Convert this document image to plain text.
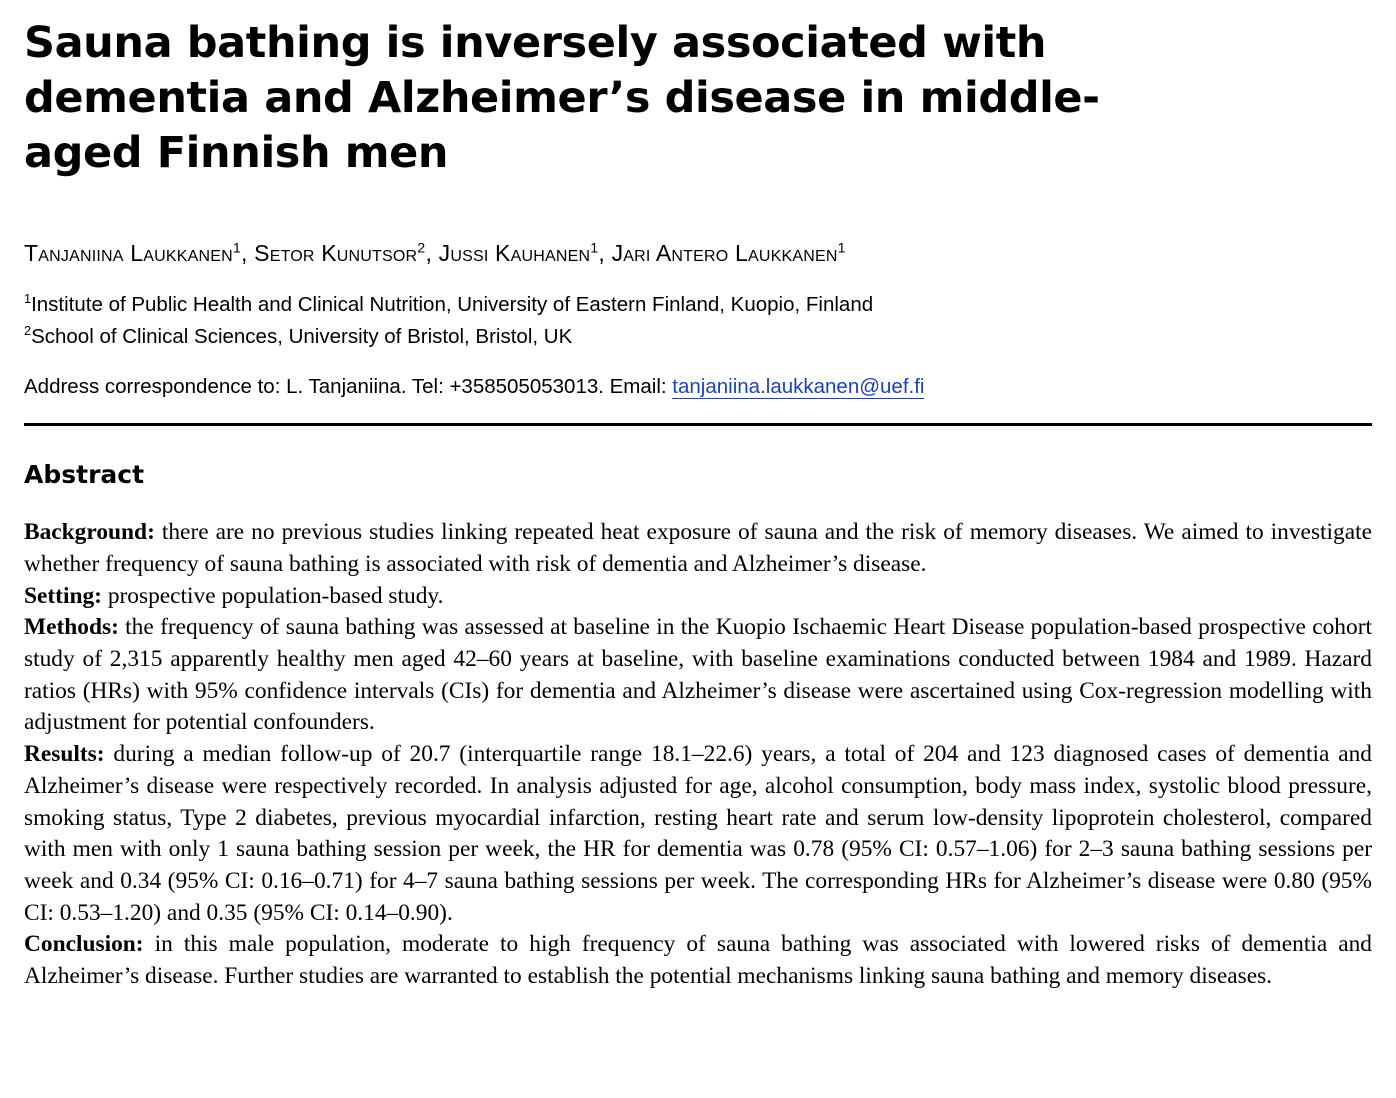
Sauna bathing is inversely associated with dementia and Alzheimer’s disease in middle-aged Finnish men
Tanjaniina Laukkanen$^1$, Setor Kunutsor$^2$, Jussi Kauhanen$^1$, Jari Antero Laukkanen$^1$
$^1$Institute of Public Health and Clinical Nutrition, University of Eastern Finland, Kuopio, Finland
$^2$School of Clinical Sciences, University of Bristol, Bristol, UK
Address correspondence to: L. Tanjaniina. Tel: +358505053013. Email: tanjaniina.laukkanen@uef.fi
Abstract

Background: there are no previous studies linking repeated heat exposure of sauna and the risk of memory diseases. We aimed to investigate whether frequency of sauna bathing is associated with risk of dementia and Alzheimer’s disease.
Setting: prospective population-based study.
Methods: the frequency of sauna bathing was assessed at baseline in the Kuopio Ischaemic Heart Disease population-based prospective cohort study of 2,315 apparently healthy men aged 42–60 years at baseline, with baseline examinations conducted between 1984 and 1989. Hazard ratios (HRs) with 95% confidence intervals (CIs) for dementia and Alzheimer’s disease were ascertained using Cox-regression modelling with adjustment for potential confounders.
Results: during a median follow-up of 20.7 (interquartile range 18.1–22.6) years, a total of 204 and 123 diagnosed cases of dementia and Alzheimer’s disease were respectively recorded. In analysis adjusted for age, alcohol consumption, body mass index, systolic blood pressure, smoking status, Type 2 diabetes, previous myocardial infarction, resting heart rate and serum low-density lipoprotein cholesterol, compared with men with only 1 sauna bathing session per week, the HR for dementia was 0.78 (95% CI: 0.57–1.06) for 2–3 sauna bathing sessions per week and 0.34 (95% CI: 0.16–0.71) for 4–7 sauna bathing sessions per week. The corresponding HRs for Alzheimer’s disease were 0.80 (95% CI: 0.53–1.20) and 0.35 (95% CI: 0.14–0.90).
Conclusion: in this male population, moderate to high frequency of sauna bathing was associated with lowered risks of dementia and Alzheimer’s disease. Further studies are warranted to establish the potential mechanisms linking sauna bathing and memory diseases.
